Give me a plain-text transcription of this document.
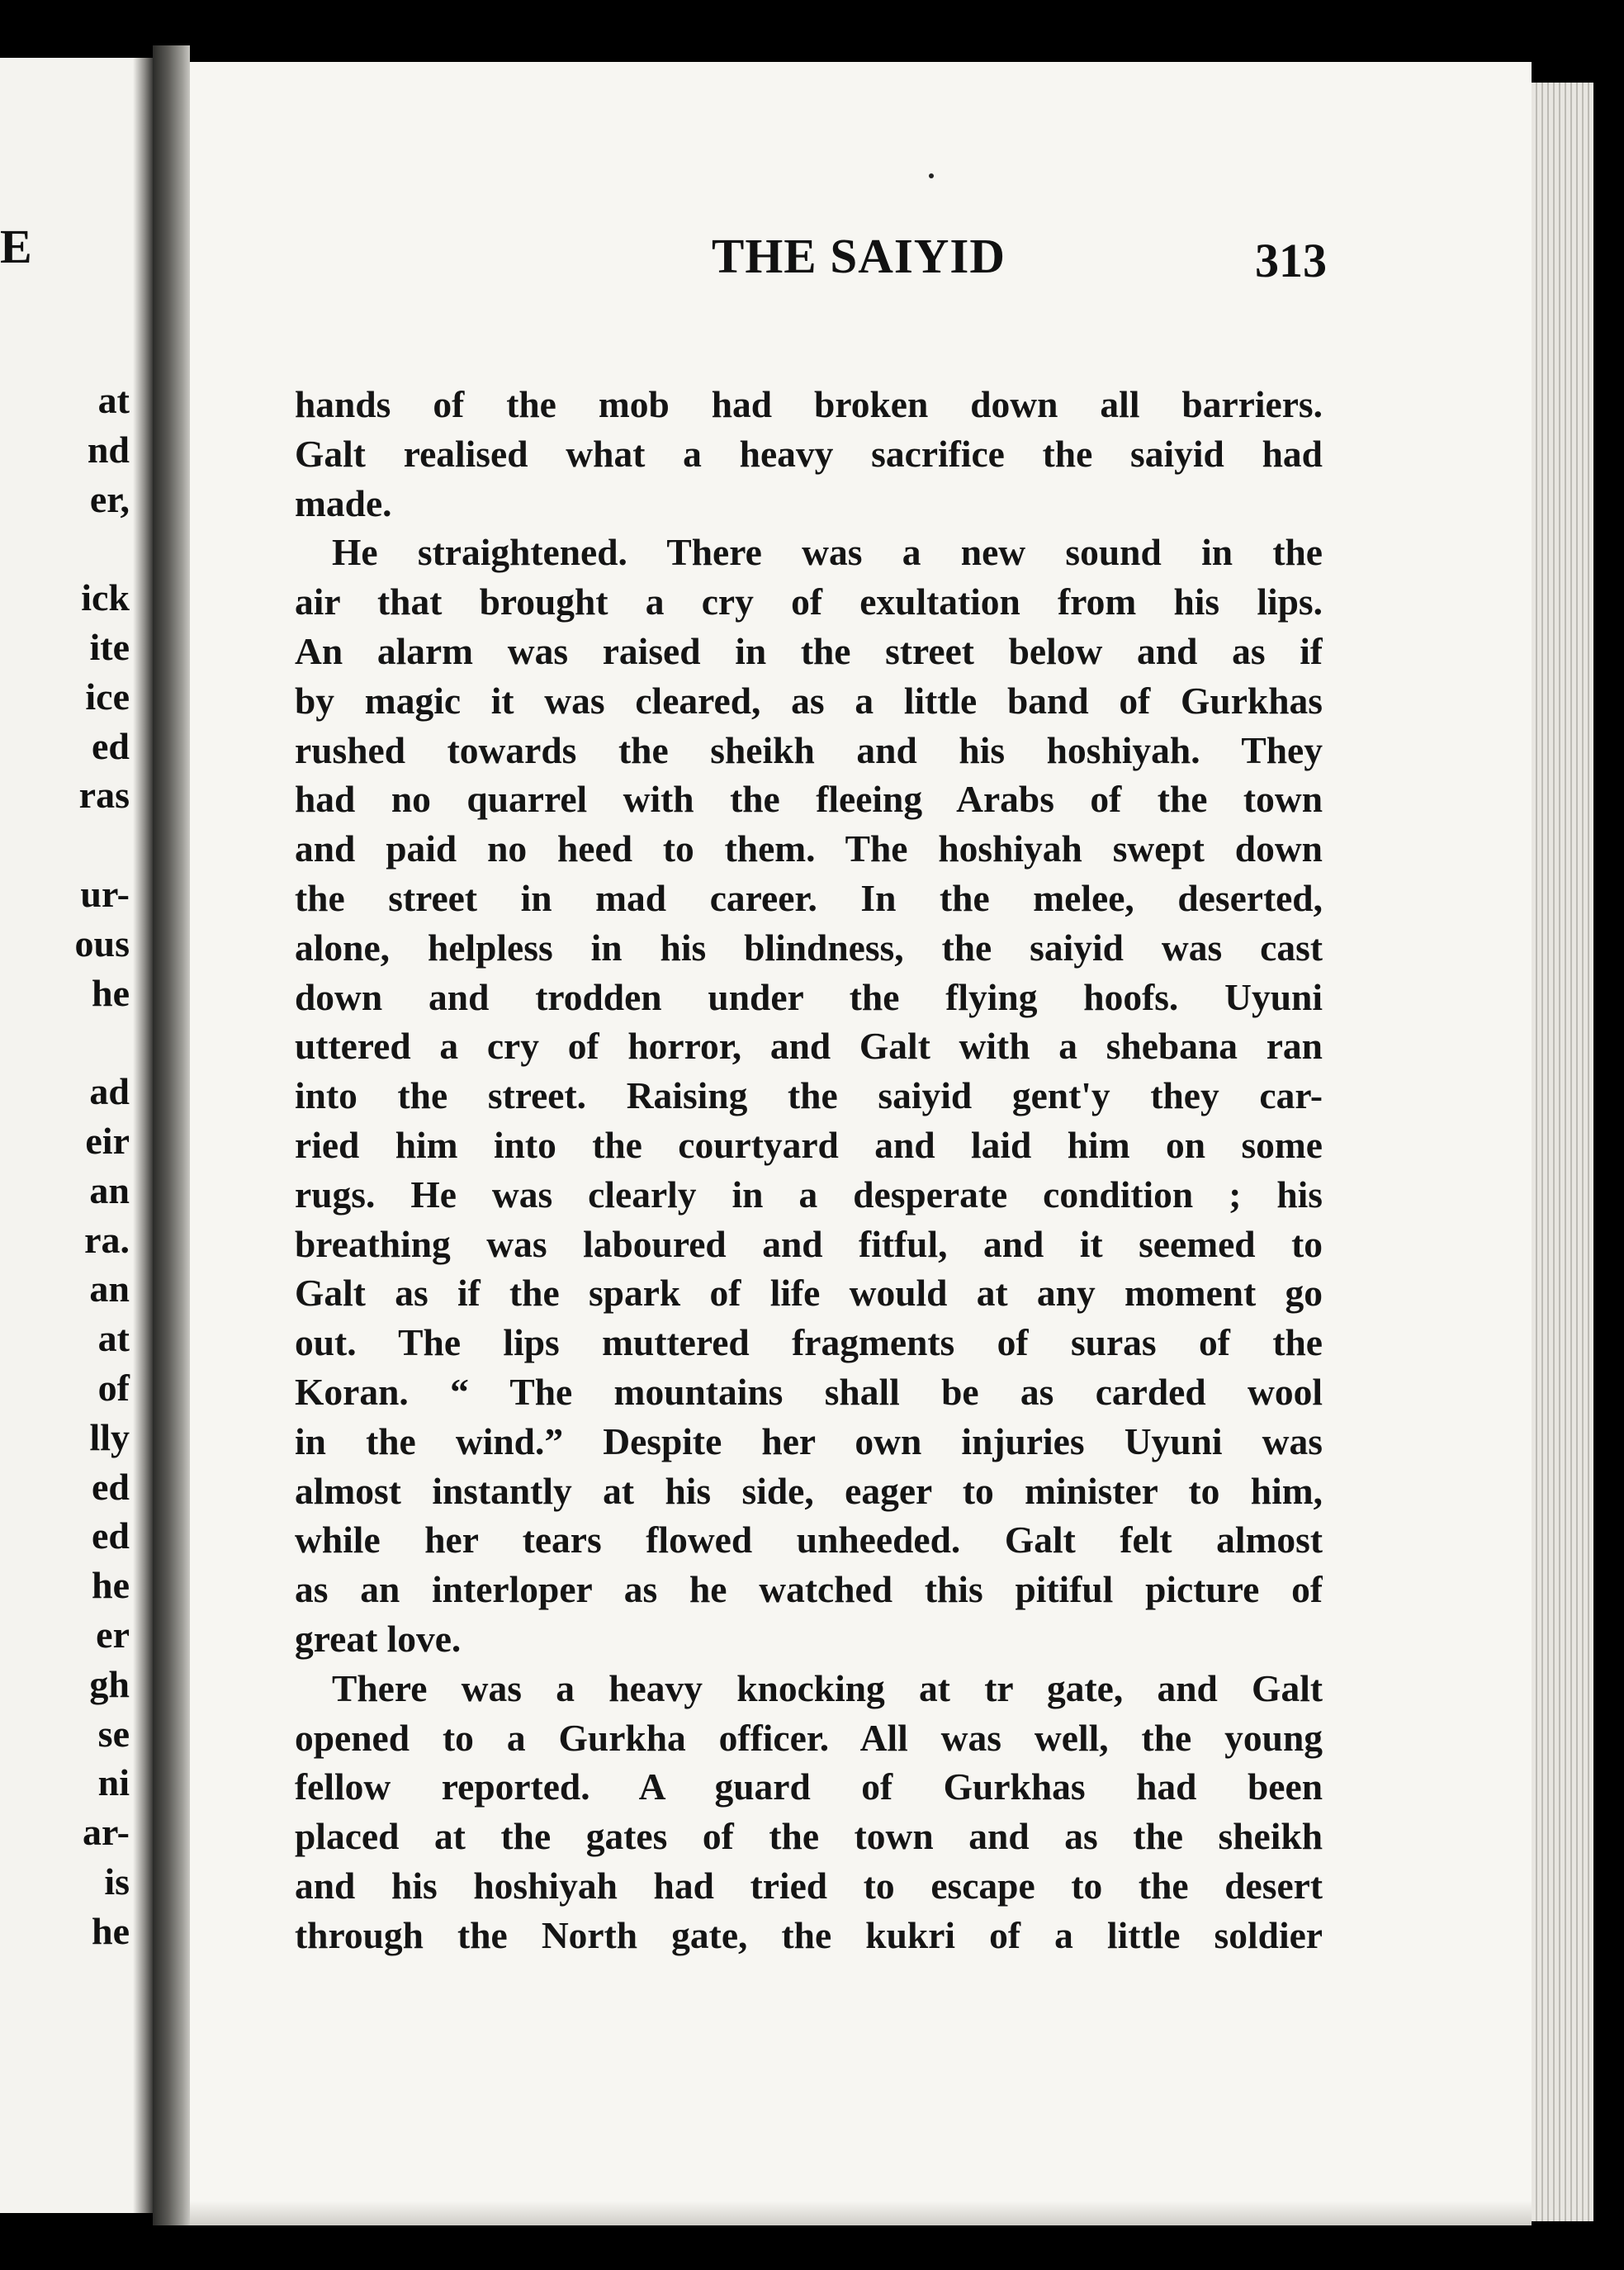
E
at
nd
er,
ick
ite
ice
ed
ras
ur-
ous
he
ad
eir
an
ra.
an
at
of
lly
ed
ed
he
er
gh
se
ni
ar-
is
he
THE SAIYID	313
hands of the mob had broken down all barriers.
Galt realised what a heavy sacrifice the saiyid had
made.
He straightened. There was a new sound in the
air that brought a cry of exultation from his lips.
An alarm was raised in the street below and as if
by magic it was cleared, as a little band of Gurkhas
rushed towards the sheikh and his hoshiyah. They
had no quarrel with the fleeing Arabs of the town
and paid no heed to them. The hoshiyah swept down
the street in mad career. In the melee, deserted,
alone, helpless in his blindness, the saiyid was cast
down and trodden under the flying hoofs. Uyuni
uttered a cry of horror, and Galt with a shebana ran
into the street. Raising the saiyid gent'y they car-
ried him into the courtyard and laid him on some
rugs. He was clearly in a desperate condition ; his
breathing was laboured and fitful, and it seemed to
Galt as if the spark of life would at any moment go
out. The lips muttered fragments of suras of the
Koran. “ The mountains shall be as carded wool
in the wind.” Despite her own injuries Uyuni was
almost instantly at his side, eager to minister to him,
while her tears flowed unheeded. Galt felt almost
as an interloper as he watched this pitiful picture of
great love.
There was a heavy knocking at tr gate, and Galt
opened to a Gurkha officer. All was well, the young
fellow reported. A guard of Gurkhas had been
placed at the gates of the town and as the sheikh
and his hoshiyah had tried to escape to the desert
through the North gate, the kukri of a little soldier
